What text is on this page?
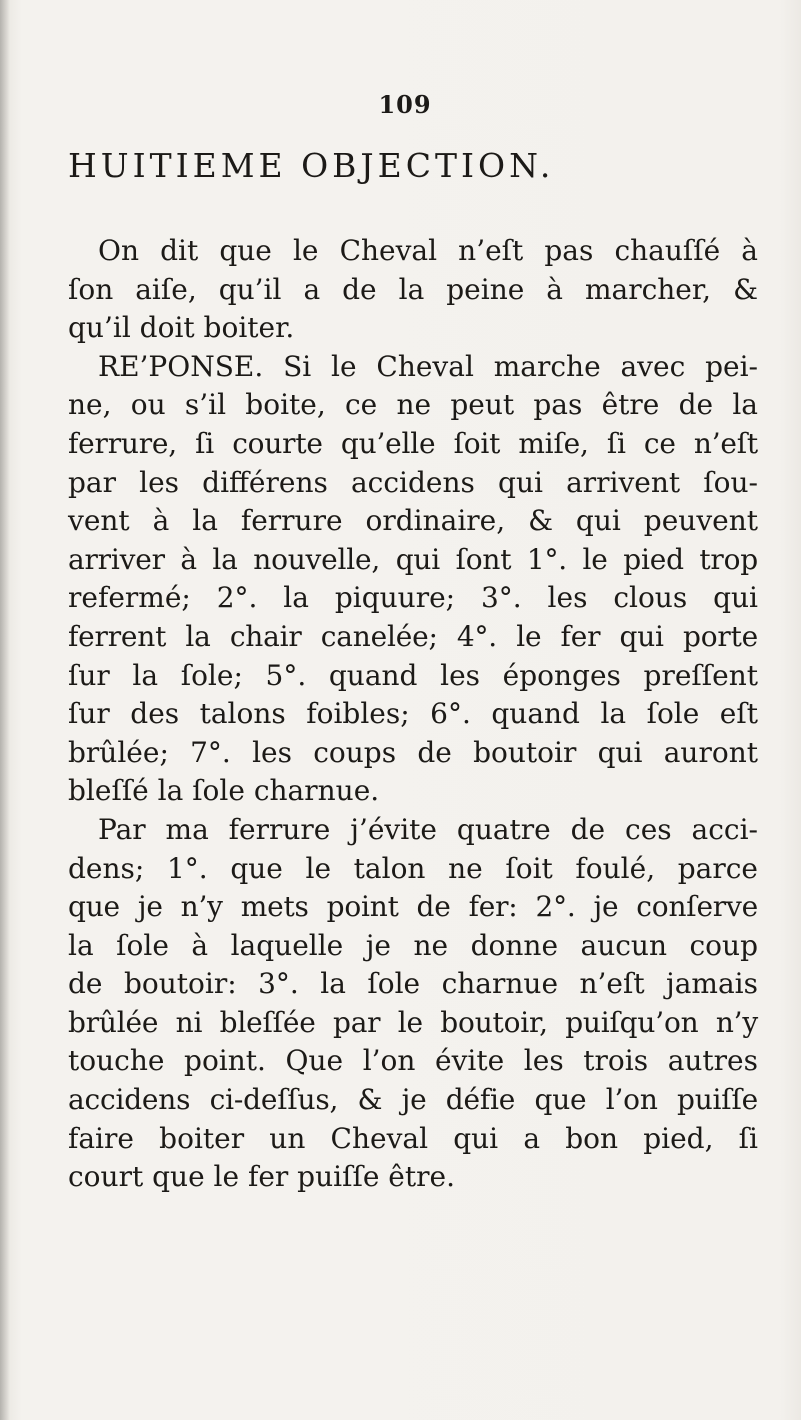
109
HUITIEME OBJECTION.
On dit que le Cheval n’eſt pas chauſſé à
ſon aiſe, qu’il a de la peine à marcher, &
qu’il doit boiter.
RE’PONSE. Si le Cheval marche avec pei-
ne, ou s’il boite, ce ne peut pas être de la
ferrure, ſi courte qu’elle ſoit miſe, ſi ce n’eſt
par les différens accidens qui arrivent ſou-
vent à la ferrure ordinaire, & qui peuvent
arriver à la nouvelle, qui ſont 1°. le pied trop
refermé; 2°. la piquure; 3°. les clous qui
ferrent la chair canelée; 4°. le fer qui porte
ſur la ſole; 5°. quand les éponges preſſent
ſur des talons foibles; 6°. quand la ſole eſt
brûlée; 7°. les coups de boutoir qui auront
bleſſé la ſole charnue.
Par ma ferrure j’évite quatre de ces acci-
dens; 1°. que le talon ne ſoit foulé, parce
que je n’y mets point de fer: 2°. je conſerve
la ſole à laquelle je ne donne aucun coup
de boutoir: 3°. la ſole charnue n’eſt jamais
brûlée ni bleſſée par le boutoir, puiſqu’on n’y
touche point. Que l’on évite les trois autres
accidens ci-deſſus, & je défie que l’on puiſſe
faire boiter un Cheval qui a bon pied, ſi
court que le fer puiſſe être.
